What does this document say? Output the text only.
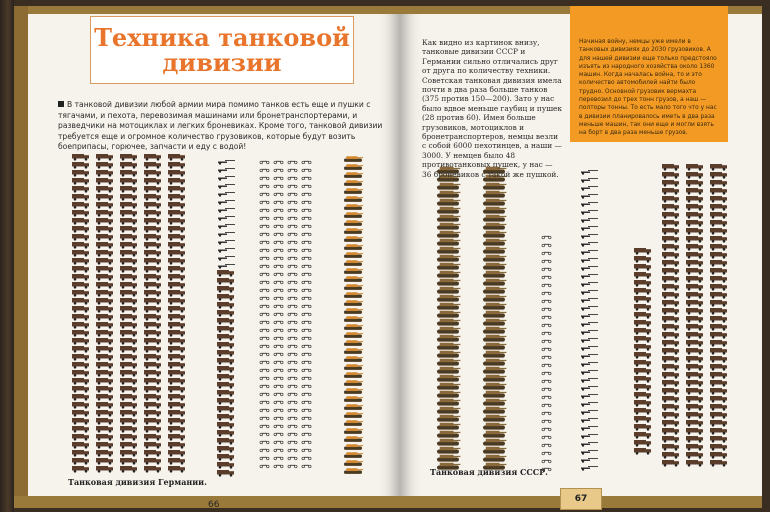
Техника танковой дивизии
В танковой дивизии любой армии мира помимо танков есть еще и пушки с тягачами, и пехота, перевозимая машинами или бронетранспортерами, и разведчики на мотоциклах и легких броневиках. Кроме того, танковой дивизии требуется еще и огромное количество грузовиков, которые будут возить боеприпасы, горючее, запчасти и еду с водой!
Танковая дивизия Германии.
66
Как видно из картинок внизу, танковые дивизии СССР и Германии сильно отличались друг от друга по количеству техники. Советская танковая дивизия имела почти в два раза больше танков (375 против 150—200). Зато у нас было вдвое меньше гаубиц и пушек (28 против 60). Имея больше грузовиков, мотоциклов и бронетранспортеров, немцы везли с собой 6000 пехотинцев, а наши — 3000. У немцев было 48 противотанковых пушек, у нас — 36 броневиков с такой же пушкой.

Начиная войну, немцы уже имели в танковых дивизиях до 2030 грузовиков. А для нашей дивизии еще только предстояло изъять из народного хозяйства около 1360 машин. Когда началась война, то и это количество автомобилей найти было трудно. Основной грузовик вермахта перевозил до трех тонн грузов, а наш — полторы тонны. То есть мало того что у нас в дивизии планировалось иметь в два раза меньше машин, так они еще и могли взять на борт в два раза меньше грузов.

Танковая дивизия СССР.
67
